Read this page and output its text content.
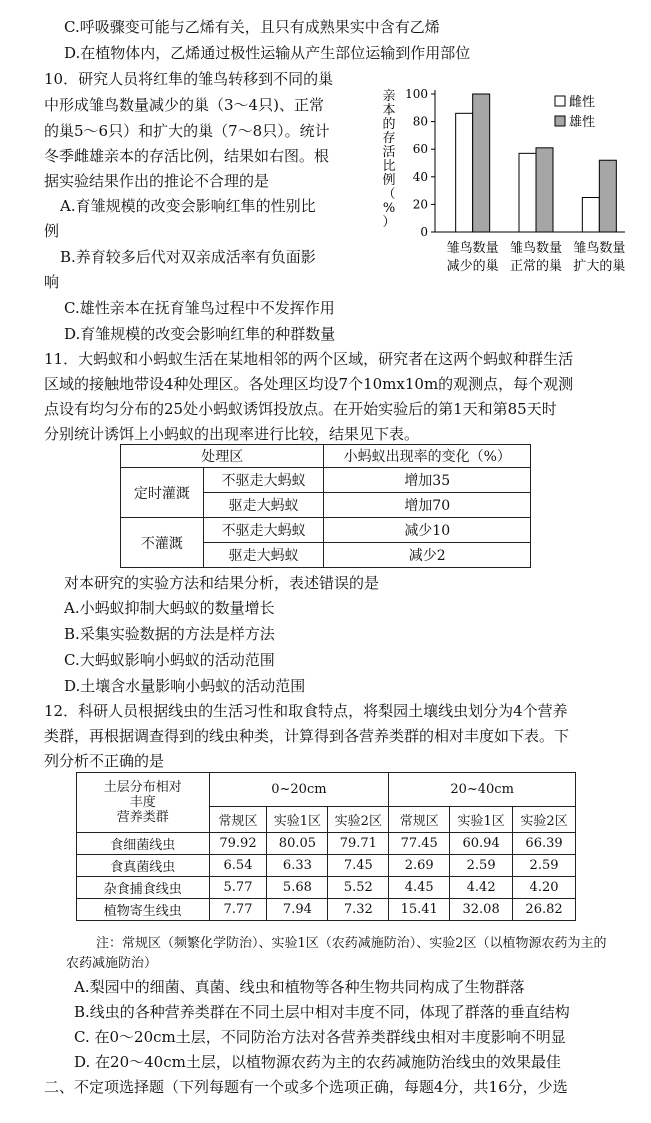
C.呼吸骤变可能与乙烯有关，且只有成熟果实中含有乙烯
D.在植物体内，乙烯通过极性运输从产生部位运输到作用部位
10．研究人员将红隼的雏鸟转移到不同的巢
中形成雏鸟数量减少的巢（3～4只)、正常
的巢5～6只）和扩大的巢（7～8只）。统计
冬季雌雄亲本的存活比例，结果如右图。根
据实验结果作出的推论不合理的是
A.育雏规模的改变会影响红隼的性别比
例
B.养育较多后代对双亲成活率有负面影
响
C.雄性亲本在抚育雏鸟过程中不发挥作用
D.育雏规模的改变会影响红隼的种群数量
0
20
40
60
80
100
亲
本
的
存
活
比
例
（
%
）
雏鸟数量
减少的巢
雏鸟数量
正常的巢
雏鸟数量
扩大的巢
雌性
雄性
11．大蚂蚁和小蚂蚁生活在某地相邻的两个区域，研究者在这两个蚂蚁种群生活
区域的接触地带设4种处理区。各处理区均设7个10mx10m的观测点，每个观测
点设有均匀分布的25处小蚂蚁诱饵投放点。在开始实验后的第1天和第85天时
分别统计诱饵上小蚂蚁的出现率进行比较，结果见下表。
处理区		小蚂蚁出现率的变化（%）
定时灌溉	不驱走大蚂蚁	增加35
	驱走大蚂蚁	增加70
不灌溉	不驱走大蚂蚁	减少10
	驱走大蚂蚁	减少2
对本研究的实验方法和结果分析，表述错误的是
A.小蚂蚁抑制大蚂蚁的数量增长
B.采集实验数据的方法是样方法
C.大蚂蚁影响小蚂蚁的活动范围
D.土壤含水量影响小蚂蚁的活动范围
12．科研人员根据线虫的生活习性和取食特点，将梨园土壤线虫划分为4个营养
类群，再根据调查得到的线虫种类，计算得到各营养类群的相对丰度如下表。下
列分析不正确的是
土层分布相对
丰度
营养类群	0~20cm			20~40cm		
	常规区	实验1区	实验2区	常规区	实验1区	实验2区
食细菌线虫	79.92	80.05	79.71	77.45	60.94	66.39
食真菌线虫	6.54	6.33	7.45	2.69	2.59	2.59
杂食捕食线虫	5.77	5.68	5.52	4.45	4.42	4.20
植物寄生线虫	7.77	7.94	7.32	15.41	32.08	26.82
注：常规区（频繁化学防治）、实验1区（农药减施防治）、实验2区（以植物源农药为主的
农药减施防治）
A.梨园中的细菌、真菌、线虫和植物等各种生物共同构成了生物群落
B.线虫的各种营养类群在不同土层中相对丰度不同，体现了群落的垂直结构
C. 在0～20cm土层，不同防治方法对各营养类群线虫相对丰度影响不明显
D. 在20～40cm土层，以植物源农药为主的农药减施防治线虫的效果最佳
二、不定项选择题（下列每题有一个或多个选项正确，每题4分，共16分，少选
